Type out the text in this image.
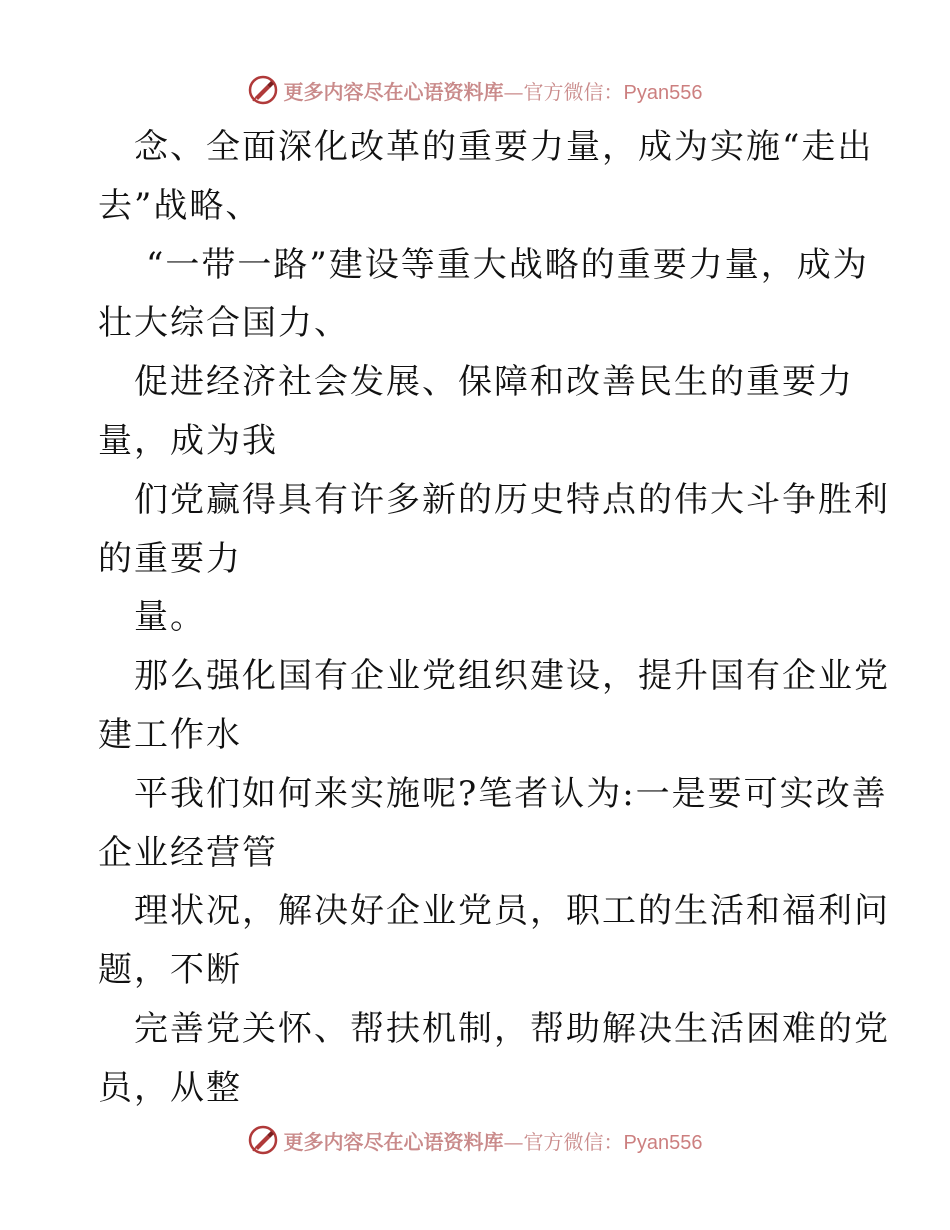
更多内容尽在心语资料库—官方微信：Pyan556
念、全面深化改革的重要力量，成为实施“走出
去”战略、
“一带一路”建设等重大战略的重要力量，成为
壮大综合国力、
促进经济社会发展、保障和改善民生的重要力
量，成为我
们党赢得具有许多新的历史特点的伟大斗争胜利
的重要力
量。
那么强化国有企业党组织建设，提升国有企业党
建工作水
平我们如何来实施呢?笔者认为:一是要可实改善
企业经营管
理状况，解决好企业党员，职工的生活和福利问
题，不断
完善党关怀、帮扶机制，帮助解决生活困难的党
员，从整
更多内容尽在心语资料库—官方微信：Pyan556
